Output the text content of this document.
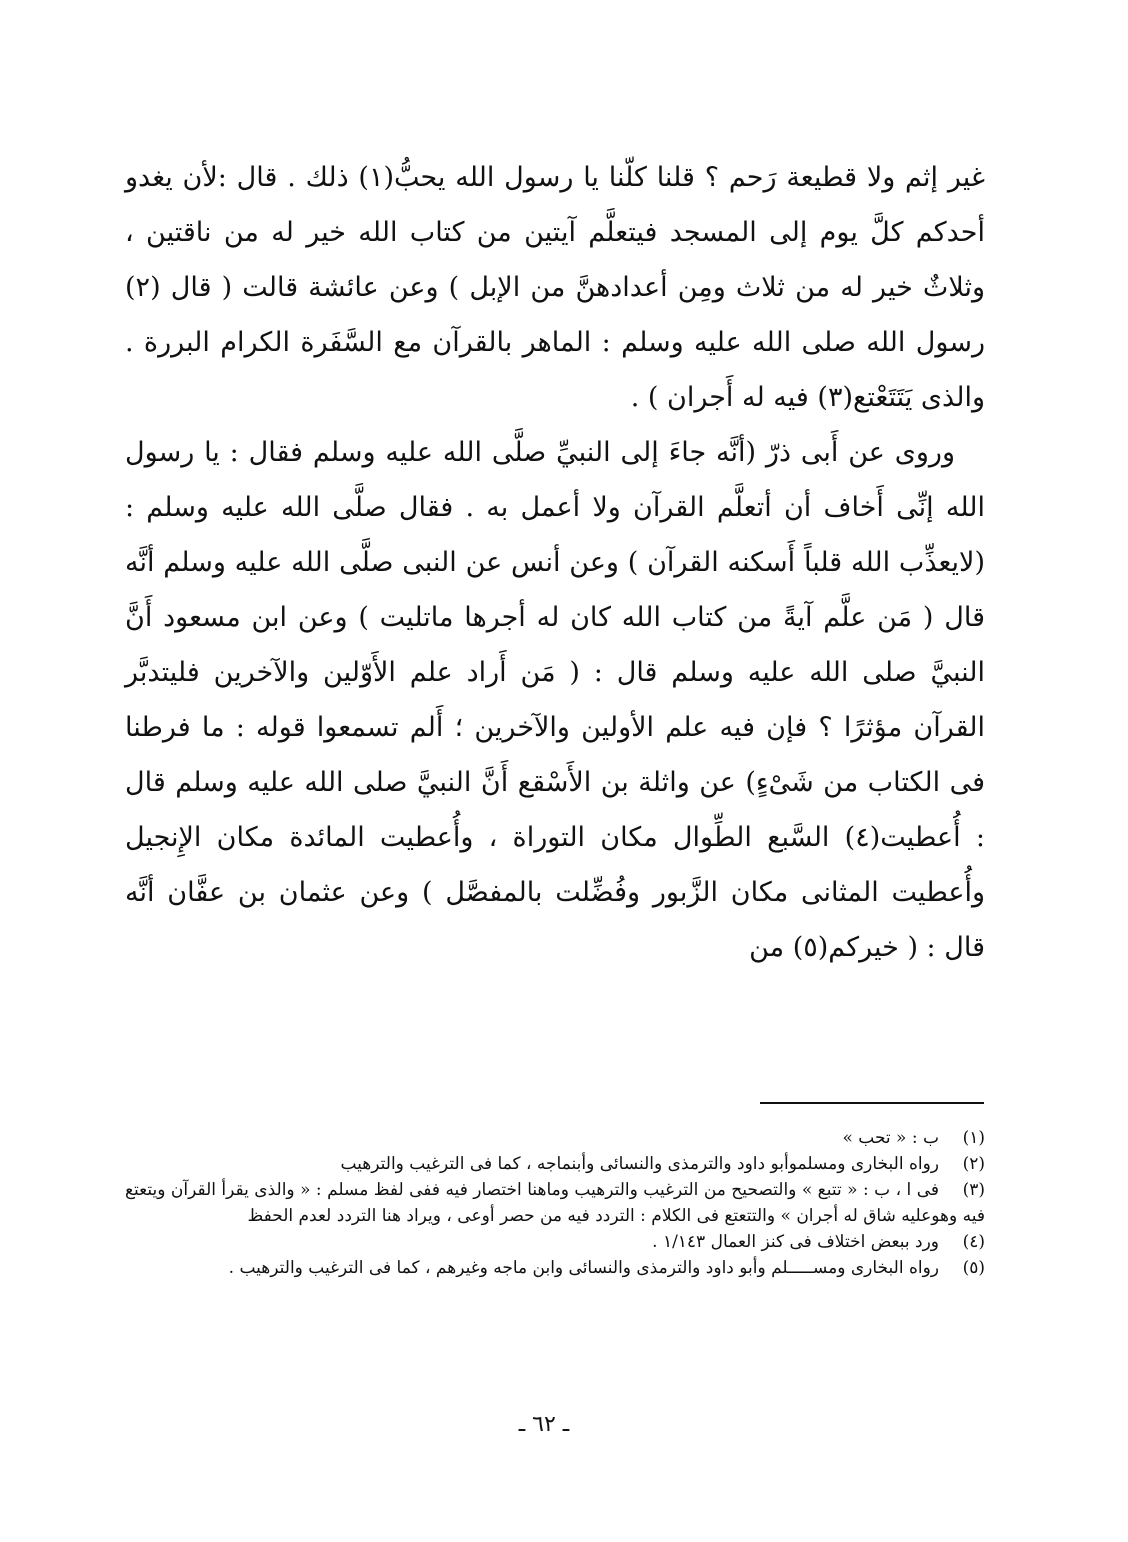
غير إثم ولا قطيعة رَحم ؟ قلنا كلّنا يا رسول الله يحبُّ(١) ذلك . قال :لأن يغدو أحدكم كلَّ يوم إلى المسجد فيتعلَّم آيتين من كتاب الله خير له من ناقتين ، وثلاثٌ خير له من ثلاث ومِن أعدادهنَّ من الإبل ) وعن عائشة قالت ( قال (٢) رسول الله صلى الله عليه وسلم : الماهر بالقرآن مع السَّفَرة الكرام البررة . والذى يَتَتَعْتع(٣) فيه له أَجران ) .

وروى عن أَبى ذرّ (أنَّه جاءَ إلى النبيِّ صلَّى الله عليه وسلم فقال : يا رسول الله إنِّى أَخاف أن أتعلَّم القرآن ولا أعمل به . فقال صلَّى الله عليه وسلم : (لايعذِّب الله قلباً أَسكنه القرآن ) وعن أنس عن النبى صلَّى الله عليه وسلم أنَّه قال ( مَن علَّم آيةً من كتاب الله كان له أجرها ماتليت ) وعن ابن مسعود أَنَّ النبيَّ صلى الله عليه وسلم قال : ( مَن أَراد علم الأَوّلين والآخرين فليتدبَّر القرآن مؤثرًا ؟ فإن فيه علم الأولين والآخرين ؛ أَلم تسمعوا قوله : ما فرطنا فى الكتاب من شَىْءٍ) عن واثلة بن الأَسْقع أَنَّ النبيَّ صلى الله عليه وسلم قال : أُعطيت(٤) السَّبع الطِّوال مكان التوراة ، وأُعطيت المائدة مكان الإِنجيل وأُعطيت المثانى مكان الزَّبور وفُضِّلت بالمفصَّل ) وعن عثمان بن عفَّان أنَّه قال : ( خيركم(٥) من

(١)ب : « تحب »

(٢)رواه البخارى ومسلموأبو داود والترمذى والنسائى وأبنماجه ، كما فى الترغيب والترهيب

(٣)فى ا ، ب : « تتبع » والتصحيح من الترغيب والترهيب وماهنا اختصار فيه ففى لفظ مسلم : « والذى يقرأ القرآن ويتعتع فيه وهوعليه شاق له أجران » والتتعتع فى الكلام : التردد فيه من حصر أوعى ، ويراد هنا التردد لعدم الحفظ

(٤)ورد ببعض اختلاف فى كنز العمال ١/١٤٣ .

(٥)رواه البخارى ومســـــلم وأبو داود والترمذى والنسائى وابن ماجه وغيرهم ، كما فى الترغيب والترهيب .

ـ ٦٢ ـ
